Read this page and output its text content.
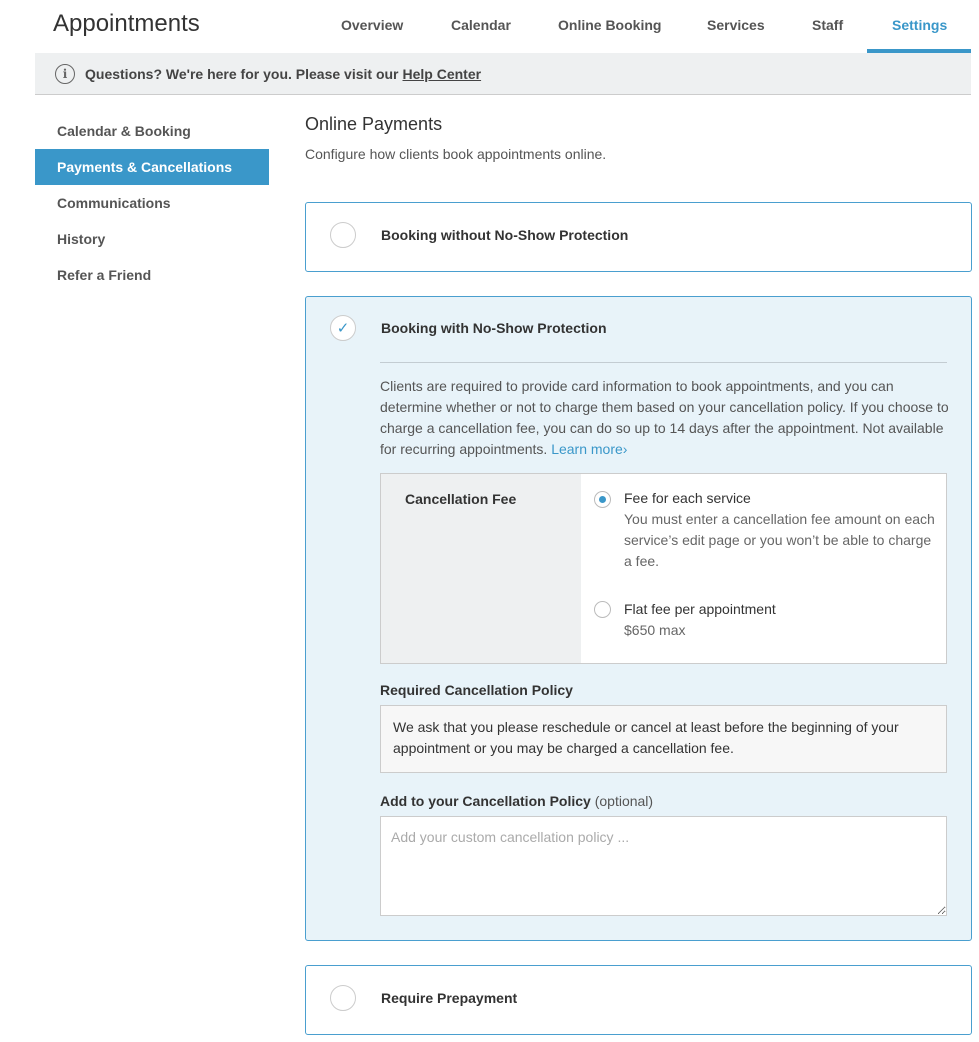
Appointments	Overview	Calendar	Online Booking	Services	Staff	Settings
i	Questions? We're here for you. Please visit our Help Center
Calendar & Booking
Payments & Cancellations
Communications
History
Refer a Friend
Online Payments
Configure how clients book appointments online.
Booking without No-Show Protection
✓	Booking with No-Show Protection
Clients are required to provide card information to book appointments, and you can determine whether or not to charge them based on your cancellation policy. If you choose to charge a cancellation fee, you can do so up to 14 days after the appointment. Not available for recurring appointments. Learn more›
Cancellation Fee	Fee for each service
You must enter a cancellation fee amount on each service’s edit page or you won’t be able to charge a fee.
Flat fee per appointment
$650 max
Required Cancellation Policy
We ask that you please reschedule or cancel at least before the beginning of your appointment or you may be charged a cancellation fee.
Add to your Cancellation Policy (optional)
Add your custom cancellation policy ...
Require Prepayment
